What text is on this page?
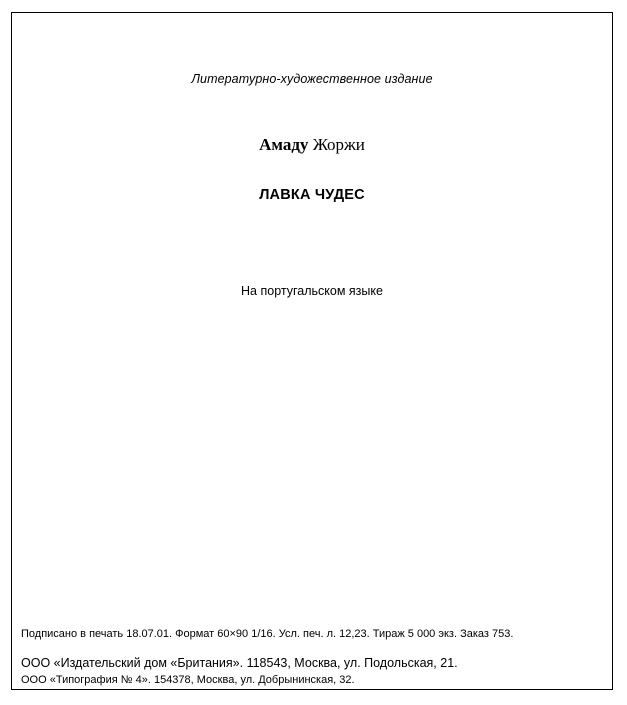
Литературно-художественное издание
Амаду Жоржи
ЛАВКА ЧУДЕС
На португальском языке
Подписано в печать 18.07.01. Формат 60×90 1/16. Усл. печ. л. 12,23. Тираж 5 000 экз. Заказ 753.
ООО «Издательский дом «Британия». 118543, Москва, ул. Подольская, 21.
ООО «Типография № 4». 154378, Москва, ул. Добрынинская, 32.
